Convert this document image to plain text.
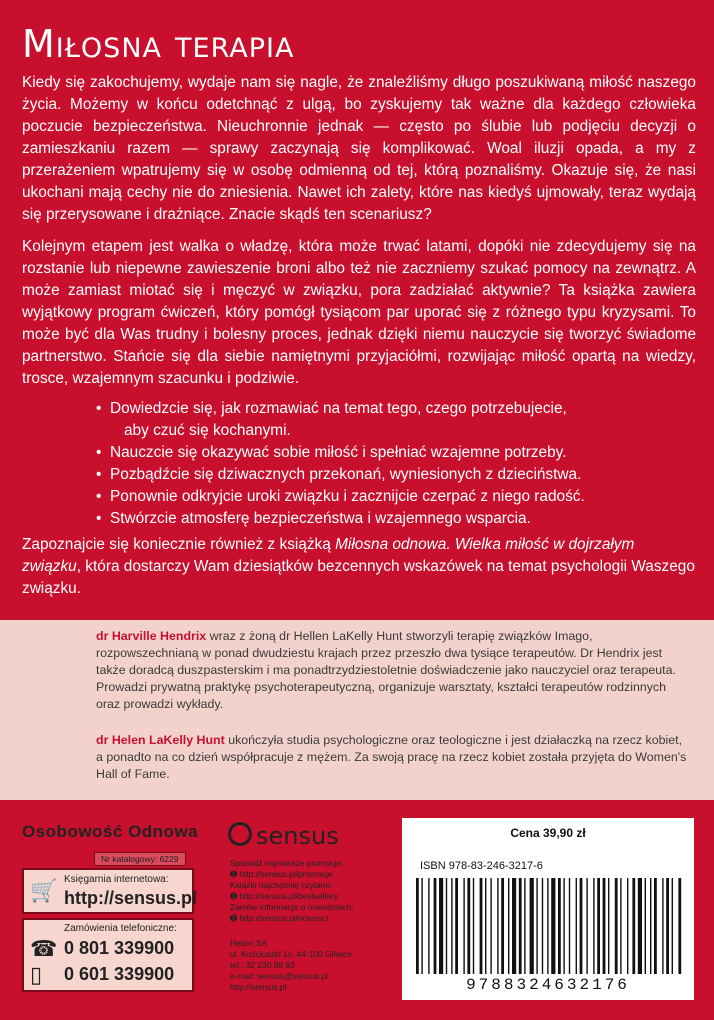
Miłosna terapia

Kiedy się zakochujemy, wydaje nam się nagle, że znaleźliśmy długo poszukiwaną miłość naszego życia. Możemy w końcu odetchnąć z ulgą, bo zyskujemy tak ważne dla każdego człowieka poczucie bezpieczeństwa. Nieuchronnie jednak — często po ślubie lub podjęciu decyzji o zamieszkaniu razem — sprawy zaczynają się komplikować. Woal iluzji opada, a my z przerażeniem wpatrujemy się w osobę odmienną od tej, którą poznaliśmy. Okazuje się, że nasi ukochani mają cechy nie do zniesienia. Nawet ich zalety, które nas kiedyś ujmowały, teraz wydają się przerysowane i drażniące. Znacie skądś ten scenariusz?

Kolejnym etapem jest walka o władzę, która może trwać latami, dopóki nie zdecydujemy się na rozstanie lub niepewne zawieszenie broni albo też nie zaczniemy szukać pomocy na zewnątrz. A może zamiast miotać się i męczyć w związku, pora zadziałać aktywnie? Ta książka zawiera wyjątkowy program ćwiczeń, który pomógł tysiącom par uporać się z różnego typu kryzysami. To może być dla Was trudny i bolesny proces, jednak dzięki niemu nauczycie się tworzyć świadome partnerstwo. Stańcie się dla siebie namiętnymi przyjaciółmi, rozwijając miłość opartą na wiedzy, trosce, wzajemnym szacunku i podziwie.

• Dowiedzcie się, jak rozmawiać na temat tego, czego potrzebujecie,
aby czuć się kochanymi.
• Nauczcie się okazywać sobie miłość i spełniać wzajemne potrzeby.
• Pozbądźcie się dziwacznych przekonań, wyniesionych z dzieciństwa.
• Ponownie odkryjcie uroki związku i zacznijcie czerpać z niego radość.
• Stwórzcie atmosferę bezpieczeństwa i wzajemnego wsparcia.

Zapoznajcie się koniecznie również z książką Miłosna odnowa. Wielka miłość w dojrzałym związku, która dostarczy Wam dziesiątków bezcennych wskazówek na temat psychologii Waszego związku.

dr Harville Hendrix wraz z żoną dr Hellen LaKelly Hunt stworzyli terapię związków Imago, rozpowszechnianą w ponad dwudziestu krajach przez przeszło dwa tysiące terapeutów. Dr Hendrix jest także doradcą duszpasterskim i ma ponadtrzydziestoletnie doświadczenie jako nauczyciel oraz terapeuta. Prowadzi prywatną praktykę psychoterapeutyczną, organizuje warsztaty, kształci terapeutów rodzinnych oraz prowadzi wykłady.
dr Helen LaKelly Hunt ukończyła studia psychologiczne oraz teologiczne i jest działaczką na rzecz kobiet, a ponadto na co dzień współpracuje z mężem. Za swoją pracę na rzecz kobiet została przyjęta do Women's Hall of Fame.
Osobowość Odnowa
Nr katalogowy: 6229
🛒 Księgarnia internetowa:
http://sensus.pl
Zamówienia telefoniczne:
☎ 0 801 339900
▯ 0 601 339900
sensus
Sprawdź najnowsze promocje:
➊ http://sensus.pl/promocje
Książki najchętniej czytane:
➊ http://sensus.pl/bestsellery
Zamów informacje o nowościach:
➊ http://sensus.pl/nowosci
Helion SA
ul. Kościuszki 1c, 44-100 Gliwice
tel.: 32 230 98 63
e-mail: sensus@sensus.pl
http://sensus.pl
Cena 39,90 zł
ISBN 978-83-246-3217-6
9788324632176
